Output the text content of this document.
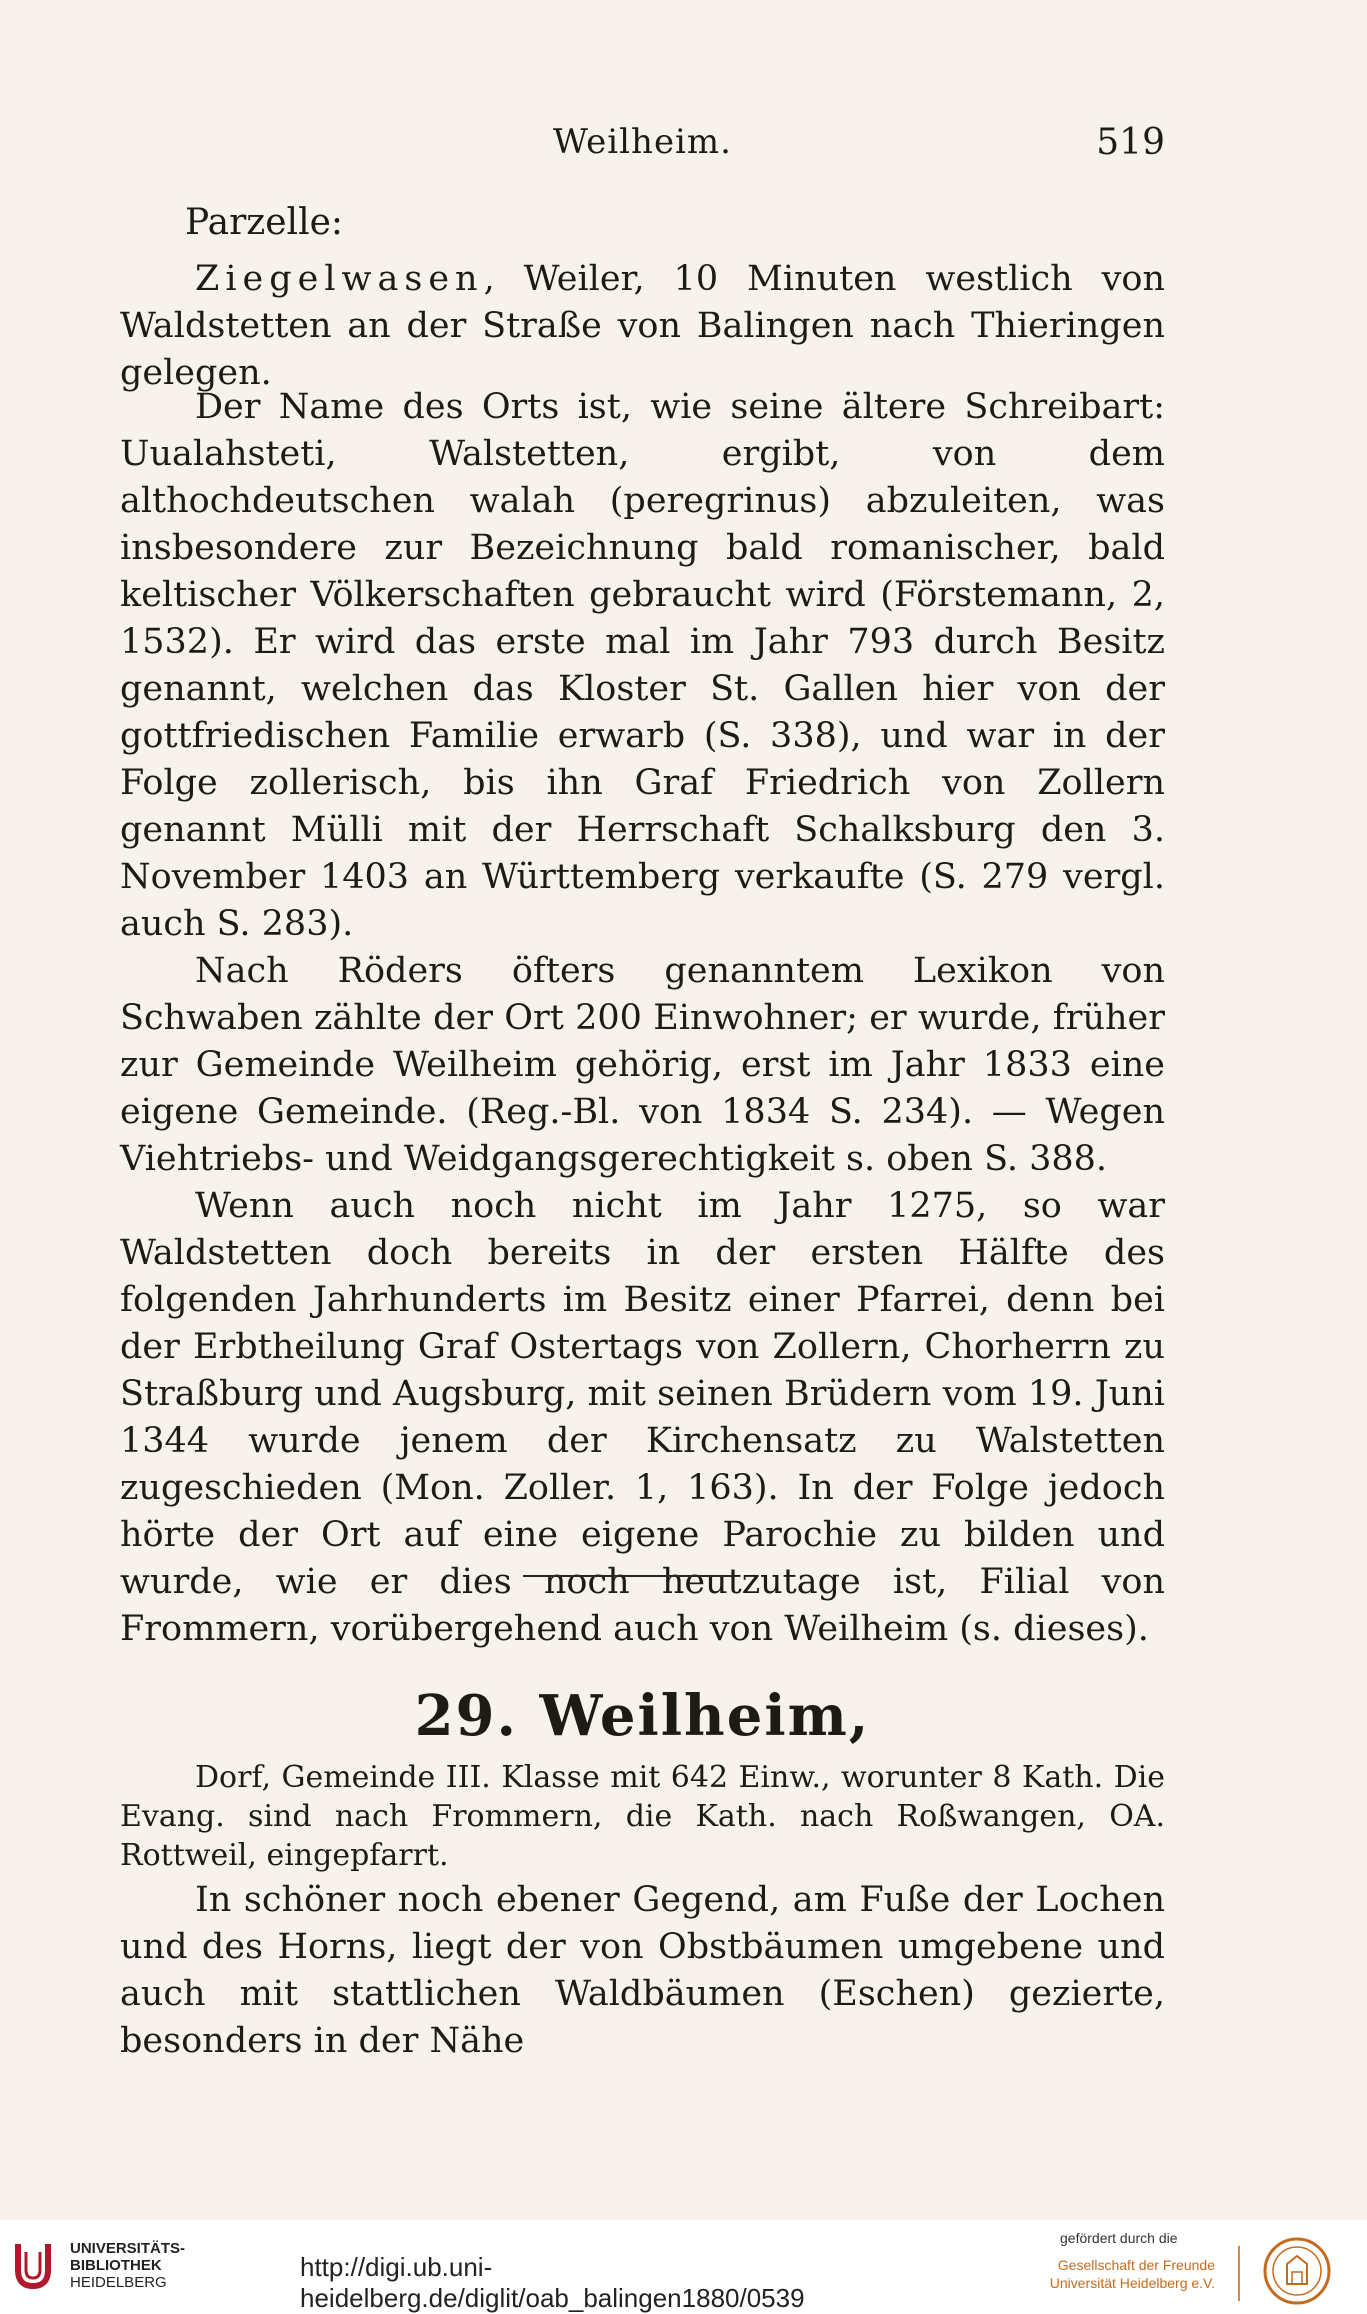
Weilheim.	519
Parzelle:

Ziegelwasen, Weiler, 10 Minuten westlich von Waldstetten an der Straße von Balingen nach Thieringen gelegen.

Der Name des Orts ist, wie seine ältere Schreibart: Uualahsteti, Walstetten, ergibt, von dem althochdeutschen walah (peregrinus) abzuleiten, was insbesondere zur Bezeichnung bald romanischer, bald keltischer Völkerschaften gebraucht wird (Förstemann, 2, 1532). Er wird das erste mal im Jahr 793 durch Besitz genannt, welchen das Kloster St. Gallen hier von der gottfriedischen Familie erwarb (S. 338), und war in der Folge zollerisch, bis ihn Graf Friedrich von Zollern genannt Mülli mit der Herrschaft Schalksburg den 3. November 1403 an Württemberg verkaufte (S. 279 vergl. auch S. 283).

Nach Röders öfters genanntem Lexikon von Schwaben zählte der Ort 200 Einwohner; er wurde, früher zur Gemeinde Weilheim gehörig, erst im Jahr 1833 eine eigene Gemeinde. (Reg.-Bl. von 1834 S. 234). — Wegen Viehtriebs- und Weidgangsgerechtigkeit s. oben S. 388.

Wenn auch noch nicht im Jahr 1275, so war Waldstetten doch bereits in der ersten Hälfte des folgenden Jahrhunderts im Besitz einer Pfarrei, denn bei der Erbtheilung Graf Ostertags von Zollern, Chorherrn zu Straßburg und Augsburg, mit seinen Brüdern vom 19. Juni 1344 wurde jenem der Kirchensatz zu Walstetten zugeschieden (Mon. Zoller. 1, 163). In der Folge jedoch hörte der Ort auf eine eigene Parochie zu bilden und wurde, wie er dies noch heutzutage ist, Filial von Frommern, vorübergehend auch von Weilheim (s. dieses).

29. Weilheim,

Dorf, Gemeinde III. Klasse mit 642 Einw., worunter 8 Kath. Die Evang. sind nach Frommern, die Kath. nach Roßwangen, OA. Rottweil, eingepfarrt.

In schöner noch ebener Gegend, am Fuße der Lochen und des Horns, liegt der von Obstbäumen umgebene und auch mit stattlichen Waldbäumen (Eschen) gezierte, besonders in der Nähe

UNIVERSITÄTS-
BIBLIOTHEK
HEIDELBERG
http://digi.ub.uni-heidelberg.de/diglit/oab_balingen1880/0539
gefördert durch die
Gesellschaft der Freunde
Universität Heidelberg e.V.
